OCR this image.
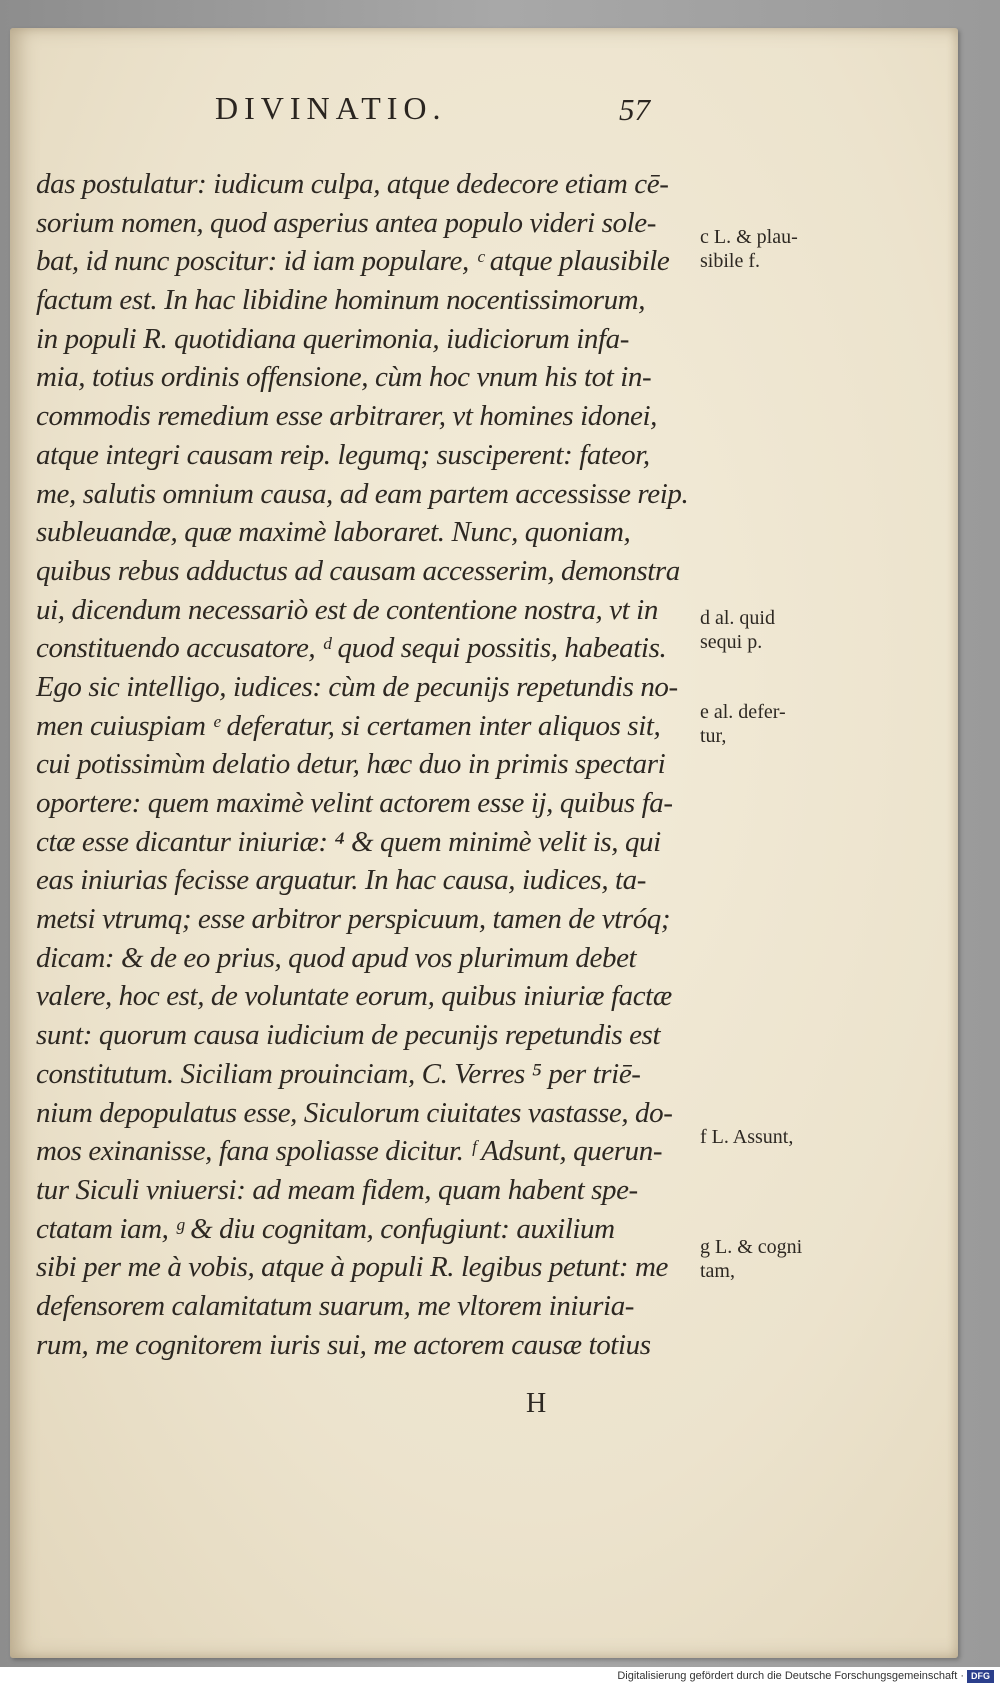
DIVINATIO.	57
das postulatur: iudicum culpa, atque dedecore etiam cē-
sorium nomen, quod asperius antea populo videri sole-
bat, id nunc poscitur: id iam populare, ᶜ atque plausibile
factum est. In hac libidine hominum nocentissimorum,
in populi R. quotidiana querimonia, iudiciorum infa-
mia, totius ordinis offensione, cùm hoc vnum his tot in-
commodis remedium esse arbitrarer, vt homines idonei,
atque integri causam reip. legumq; susciperent: fateor,
me, salutis omnium causa, ad eam partem accessisse reip.
subleuandæ, quæ maximè laboraret. Nunc, quoniam,
quibus rebus adductus ad causam accesserim, demonstra
ui, dicendum necessariò est de contentione nostra, vt in
constituendo accusatore, ᵈ quod sequi possitis, habeatis.
Ego sic intelligo, iudices: cùm de pecunijs repetundis no-
men cuiuspiam ᵉ deferatur, si certamen inter aliquos sit,
cui potissimùm delatio detur, hæc duo in primis spectari
oportere: quem maximè velint actorem esse ij, quibus fa-
ctæ esse dicantur iniuriæ: ⁴ & quem minimè velit is, qui
eas iniurias fecisse arguatur. In hac causa, iudices, ta-
metsi vtrumq; esse arbitror perspicuum, tamen de vtróq;
dicam: & de eo prius, quod apud vos plurimum debet
valere, hoc est, de voluntate eorum, quibus iniuriæ factæ
sunt: quorum causa iudicium de pecunijs repetundis est
constitutum. Siciliam prouinciam, C. Verres ⁵ per triē-
nium depopulatus esse, Siculorum ciuitates vastasse, do-
mos exinanisse, fana spoliasse dicitur. ᶠ Adsunt, querun-
tur Siculi vniuersi: ad meam fidem, quam habent spe-
ctatam iam, ᵍ & diu cognitam, confugiunt: auxilium
sibi per me à vobis, atque à populi R. legibus petunt: me
defensorem calamitatum suarum, me vltorem iniuria-
rum, me cognitorem iuris sui, me actorem causæ totius
c L. & plau-
sibile f.
d al. quid
sequi p.
e al. defer-
tur,
f L. Assunt,
g L. & cogni
tam,
H
Digitalisierung gefördert durch die Deutsche Forschungsgemeinschaft · DFG
